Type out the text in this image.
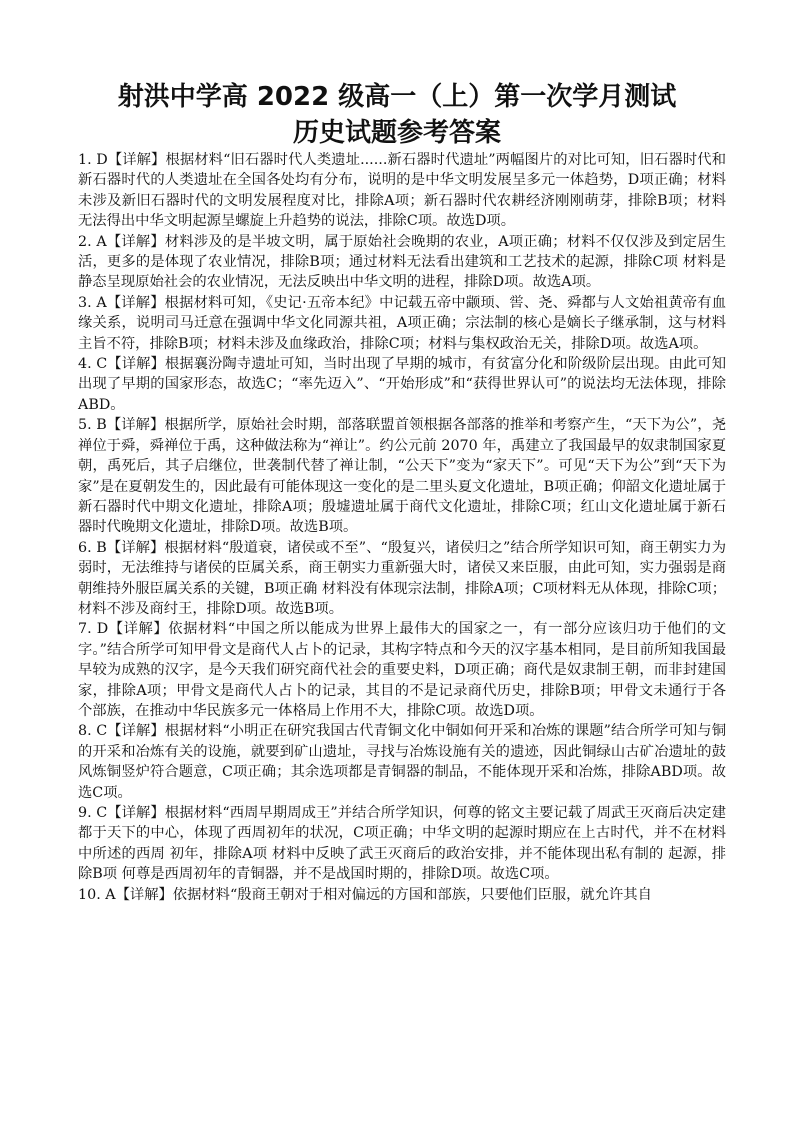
射洪中学高 2022 级高一（上）第一次学月测试
历史试题参考答案

1. D【详解】根据材料“旧石器时代人类遗址......新石器时代遗址”两幅图片的对比可知，旧石器时代和新石器时代的人类遗址在全国各处均有分布，说明的是中华文明发展呈多元一体趋势，D项正确；材料未涉及新旧石器时代的文明发展程度对比，排除A项；新石器时代农耕经济刚刚萌芽，排除B项；材料无法得出中华文明起源呈螺旋上升趋势的说法，排除C项。故选D项。

2. A【详解】材料涉及的是半坡文明，属于原始社会晚期的农业，A项正确；材料不仅仅涉及到定居生活，更多的是体现了农业情况，排除B项；通过材料无法看出建筑和工艺技术的起源，排除C项 材料是静态呈现原始社会的农业情况，无法反映出中华文明的进程，排除D项。故选A项。

3. A【详解】根据材料可知，《史记·五帝本纪》中记载五帝中颛顼、喾、尧、舜都与人文始祖黄帝有血缘关系，说明司马迁意在强调中华文化同源共祖，A项正确；宗法制的核心是嫡长子继承制，这与材料主旨不符，排除B项；材料未涉及血缘政治，排除C项；材料与集权政治无关，排除D项。故选A项。

4. C【详解】根据襄汾陶寺遗址可知，当时出现了早期的城市，有贫富分化和阶级阶层出现。由此可知出现了早期的国家形态，故选C；“率先迈入”、“开始形成”和“获得世界认可”的说法均无法体现，排除ABD。

5. B【详解】根据所学，原始社会时期，部落联盟首领根据各部落的推举和考察产生，“天下为公”，尧禅位于舜，舜禅位于禹，这种做法称为“禅让”。约公元前 2070 年，禹建立了我国最早的奴隶制国家夏朝，禹死后，其子启继位，世袭制代替了禅让制，“公天下”变为“家天下”。可见“天下为公”到“天下为家”是在夏朝发生的，因此最有可能体现这一变化的是二里头夏文化遗址，B项正确；仰韶文化遗址属于新石器时代中期文化遗址，排除A项；殷墟遗址属于商代文化遗址，排除C项；红山文化遗址属于新石器时代晚期文化遗址，排除D项。故选B项。

6. B【详解】根据材料“殷道衰，诸侯或不至”、“殷复兴，诸侯归之”结合所学知识可知，商王朝实力为弱时，无法维持与诸侯的臣属关系，商王朝实力重新强大时，诸侯又来臣服，由此可知，实力强弱是商朝维持外服臣属关系的关键，B项正确 材料没有体现宗法制，排除A项；C项材料无从体现，排除C项；材料不涉及商纣王，排除D项。故选B项。

7. D【详解】依据材料“中国之所以能成为世界上最伟大的国家之一，有一部分应该归功于他们的文字。”结合所学可知甲骨文是商代人占卜的记录，其构字特点和今天的汉字基本相同，是目前所知我国最早较为成熟的汉字，是今天我们研究商代社会的重要史料，D项正确；商代是奴隶制王朝，而非封建国家，排除A项；甲骨文是商代人占卜的记录，其目的不是记录商代历史，排除B项；甲骨文未通行于各个部族，在推动中华民族多元一体格局上作用不大，排除C项。故选D项。

8. C【详解】根据材料“小明正在研究我国古代青铜文化中铜如何开采和冶炼的课题”结合所学可知与铜的开采和冶炼有关的设施，就要到矿山遗址，寻找与冶炼设施有关的遗迹，因此铜绿山古矿冶遗址的鼓风炼铜竖炉符合题意，C项正确；其余选项都是青铜器的制品，不能体现开采和冶炼，排除ABD项。故选C项。

9. C【详解】根据材料“西周早期周成王”并结合所学知识，何尊的铭文主要记载了周武王灭商后决定建都于天下的中心，体现了西周初年的状况，C项正确；中华文明的起源时期应在上古时代，并不在材料中所述的西周 初年，排除A项 材料中反映了武王灭商后的政治安排，并不能体现出私有制的 起源，排除B项 何尊是西周初年的青铜器，并不是战国时期的，排除D项。故选C项。

10. A【详解】依据材料“殷商王朝对于相对偏远的方国和部族，只要他们臣服，就允许其自
